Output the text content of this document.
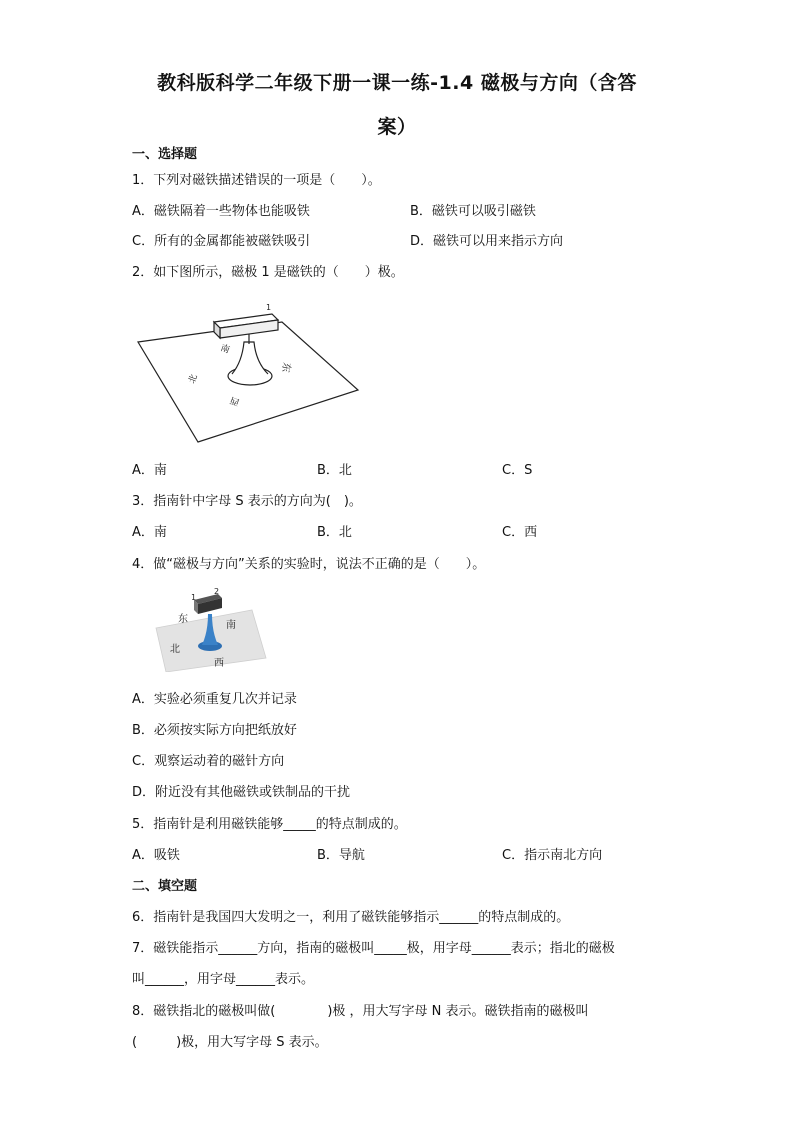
教科版科学二年级下册一课一练-1.4 磁极与方向（含答
案）
一、选择题
1．下列对磁铁描述错误的一项是（　　）。
A．磁铁隔着一些物体也能吸铁	B．磁铁可以吸引磁铁
C．所有的金属都能被磁铁吸引	D．磁铁可以用来指示方向
2．如下图所示，磁极 1 是磁铁的（　　）极。
1
南
东
北
西
A．南	B．北	C．S
3．指南针中字母 S 表示的方向为(　)。
A．南	B．北	C．西
4．做“磁极与方向”关系的实验时，说法不正确的是（　　）。
1
2
东
南
北
西
A．实验必须重复几次并记录
B．必须按实际方向把纸放好
C．观察运动着的磁针方向
D．附近没有其他磁铁或铁制品的干扰
5．指南针是利用磁铁能够_____的特点制成的。
A．吸铁	B．导航	C．指示南北方向
二、填空题
6．指南针是我国四大发明之一，利用了磁铁能够指示______的特点制成的。
7．磁铁能指示______方向，指南的磁极叫_____极，用字母______表示；指北的磁极
叫______，用字母______表示。
8．磁铁指北的磁极叫做(　　　　)极 ，用大写字母 N 表示。磁铁指南的磁极叫
(　　　)极，用大写字母 S 表示。
